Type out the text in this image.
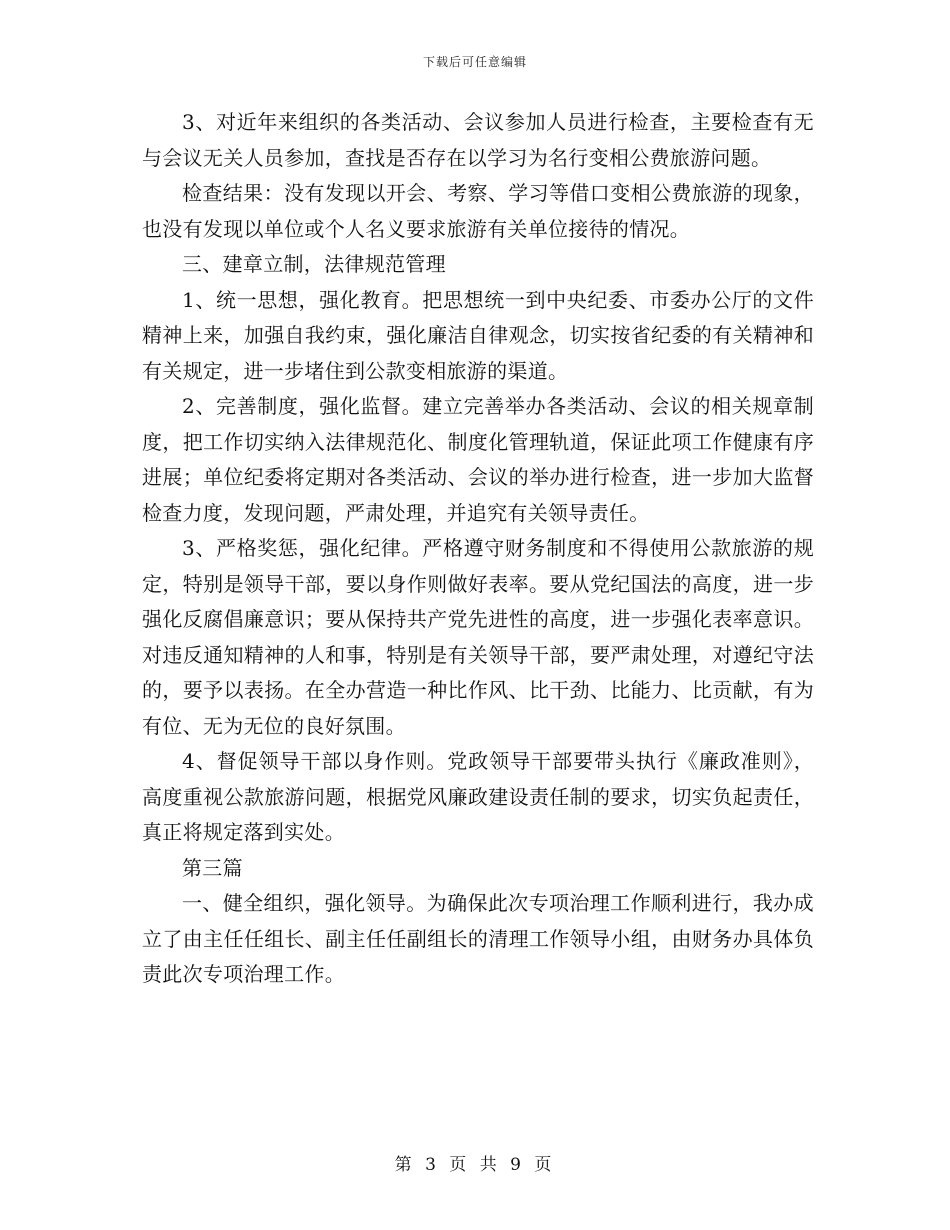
下载后可任意编辑

3、对近年来组织的各类活动、会议参加人员进行检查，主要检查有无与会议无关人员参加，查找是否存在以学习为名行变相公费旅游问题。

检查结果：没有发现以开会、考察、学习等借口变相公费旅游的现象，也没有发现以单位或个人名义要求旅游有关单位接待的情况。

三、建章立制，法律规范管理

1、统一思想，强化教育。把思想统一到中央纪委、市委办公厅的文件精神上来，加强自我约束，强化廉洁自律观念，切实按省纪委的有关精神和有关规定，进一步堵住到公款变相旅游的渠道。

2、完善制度，强化监督。建立完善举办各类活动、会议的相关规章制度，把工作切实纳入法律规范化、制度化管理轨道，保证此项工作健康有序进展；单位纪委将定期对各类活动、会议的举办进行检查，进一步加大监督检查力度，发现问题，严肃处理，并追究有关领导责任。

3、严格奖惩，强化纪律。严格遵守财务制度和不得使用公款旅游的规定，特别是领导干部，要以身作则做好表率。要从党纪国法的高度，进一步强化反腐倡廉意识；要从保持共产党先进性的高度，进一步强化表率意识。对违反通知精神的人和事，特别是有关领导干部，要严肃处理，对遵纪守法的，要予以表扬。在全办营造一种比作风、比干劲、比能力、比贡献，有为有位、无为无位的良好氛围。

4、督促领导干部以身作则。党政领导干部要带头执行《廉政准则》，高度重视公款旅游问题，根据党风廉政建设责任制的要求，切实负起责任，真正将规定落到实处。

第三篇

一、健全组织，强化领导。为确保此次专项治理工作顺利进行，我办成立了由主任任组长、副主任任副组长的清理工作领导小组，由财务办具体负责此次专项治理工作。

第 3 页 共 9 页
